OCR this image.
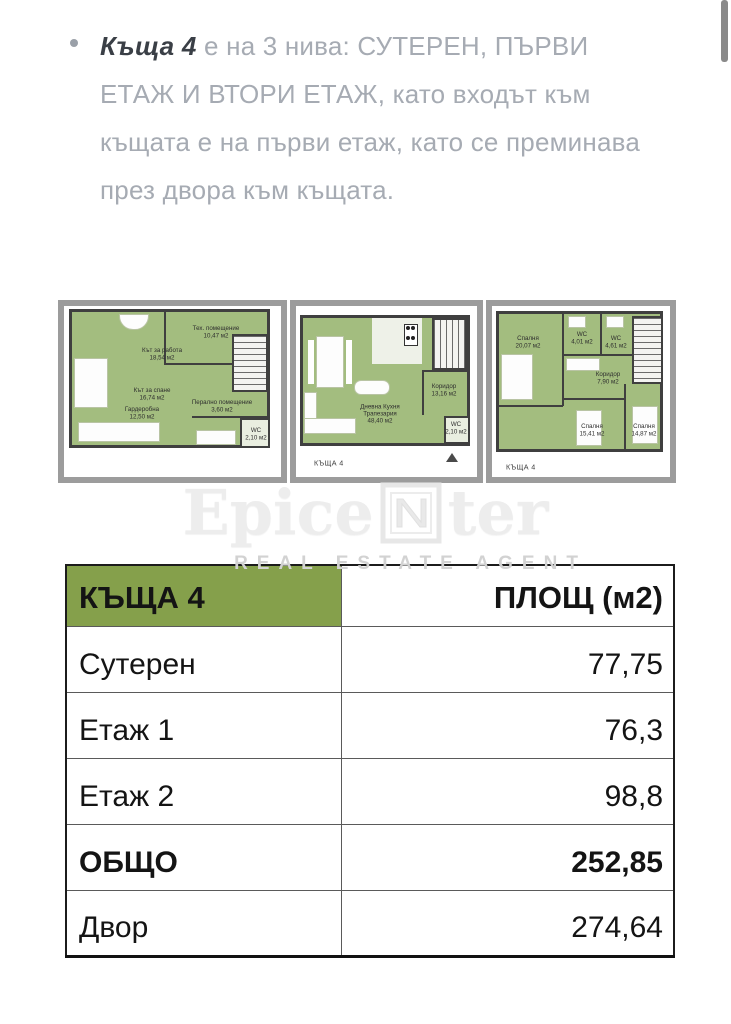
Къща 4 е на 3 нива: СУТЕРЕН, ПЪРВИ ЕТАЖ И ВТОРИ ЕТАЖ, като входът към къщата е на първи етаж, като се преминава през двора към къщата.

Кът за работа
18,54 м2
Тех. помещение
10,47 м2
Кът за спане
16,74 м2
Гардеробна
12,50 м2
Перално помещение
3,60 м2
WC
2,10 м2
Дневна Кухня Трапезария
48,40 м2
Коридор
13,16 м2
WC
2,10 м2
КЪЩА 4
Спалня
20,07 м2
WC
4,01 м2	WC
4,61 м2
Коридор
7,90 м2
Спалня
15,41 м2
Спалня
14,87 м2
КЪЩА 4
Epice ter
REAL ESTATE AGENT
КЪЩА 4	ПЛОЩ (м2)
Сутерен	77,75
Етаж 1	76,3
Етаж 2	98,8
ОБЩО	252,85
Двор	274,64
